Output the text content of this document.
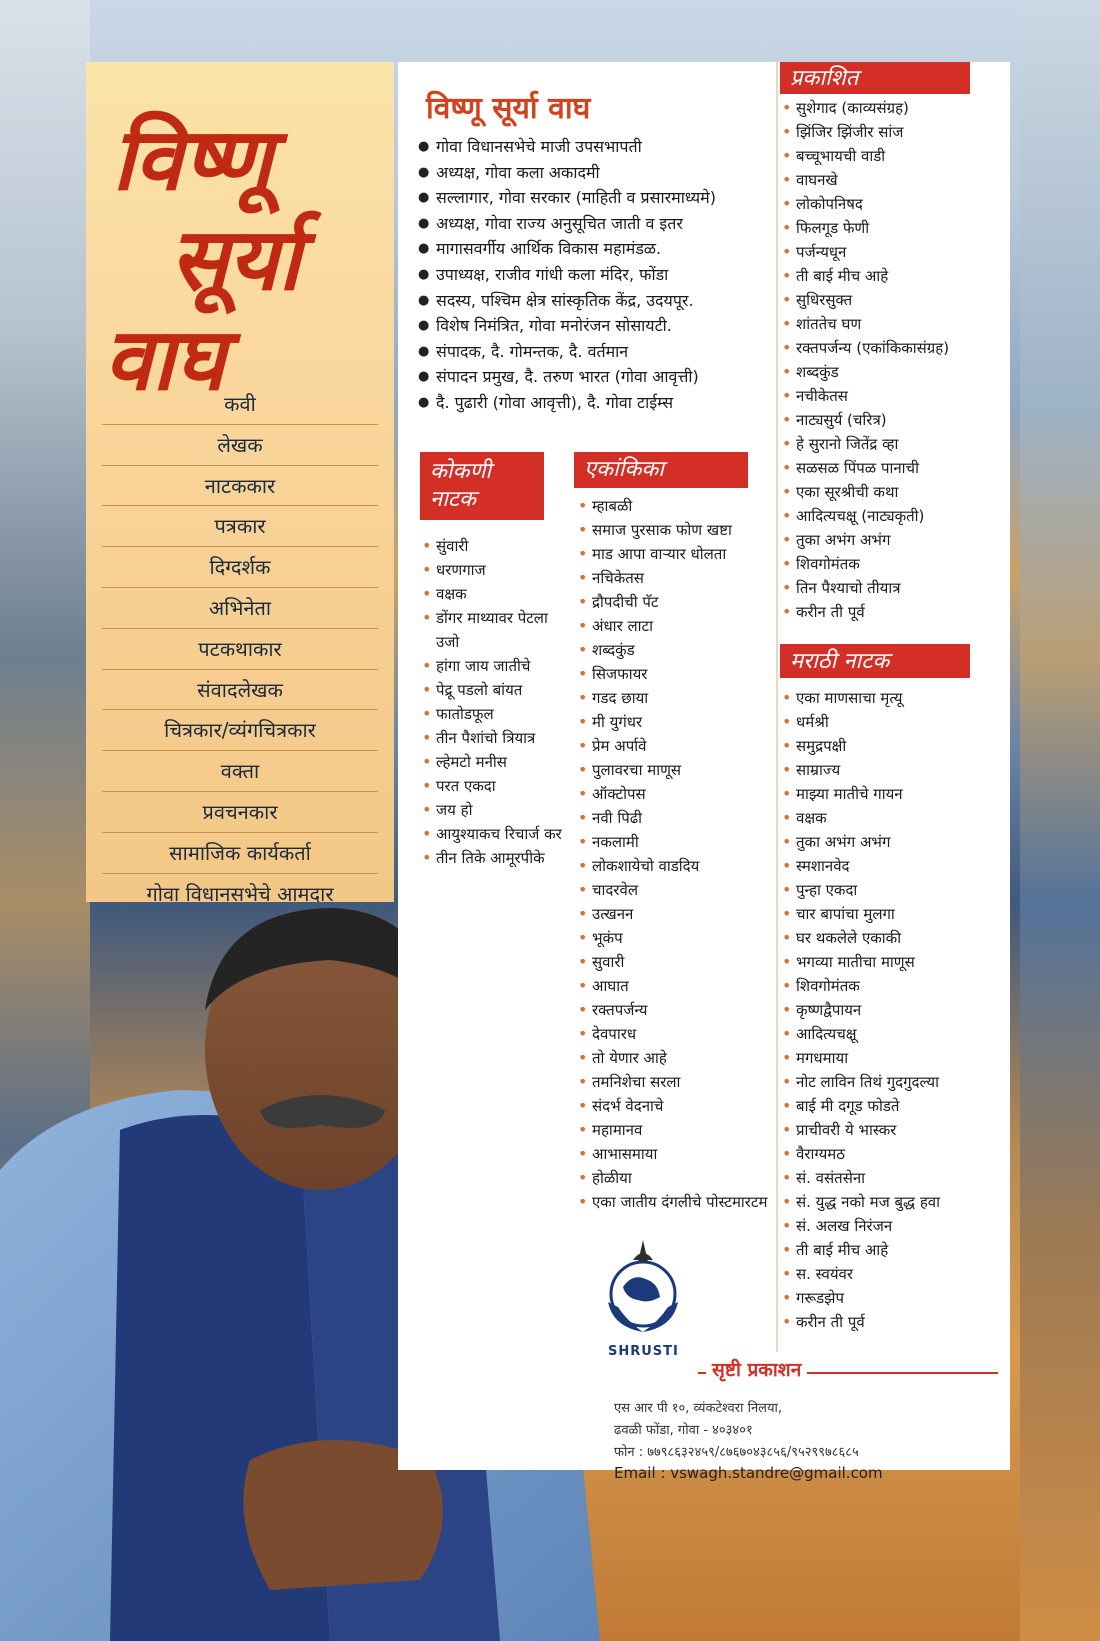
विष्णू
सूर्या
वाघ कवी
लेखक
नाटककार
पत्रकार
दिग्दर्शक
अभिनेता
पटकथाकार
संवादलेखक
चित्रकार/व्यंगचित्रकार
वक्ता
प्रवचनकार
सामाजिक कार्यकर्ता
गोवा विधानसभेचे आमदार
विष्णू सूर्या वाघ
● गोवा विधानसभेचे माजी उपसभापती
● अध्यक्ष, गोवा कला अकादमी
● सल्लागार, गोवा सरकार (माहिती व प्रसारमाध्यमे)
● अध्यक्ष, गोवा राज्य अनुसूचित जाती व इतर
● मागासवर्गीय आर्थिक विकास महामंडळ.
● उपाध्यक्ष, राजीव गांधी कला मंदिर, फोंडा
● सदस्य, पश्चिम क्षेत्र सांस्कृतिक केंद्र, उदयपूर.
● विशेष निमंत्रित, गोवा मनोरंजन सोसायटी.
● संपादक, दै. गोमन्तक, दै. वर्तमान
● संपादन प्रमुख, दै. तरुण भारत (गोवा आवृत्ती)
● दै. पुढारी (गोवा आवृत्ती), दै. गोवा टाईम्स
कोकणी नाटक
एकांकिका
प्रकाशित
मराठी नाटक
• सुंवारी
• धरणगाज
• वक्षक
• डोंगर माथ्यावर पेटला उजो
• हांगा जाय जातीचे
• पेद्रू पडलो बांयत
• फातोडफूल
• तीन पैशांचो त्रियात्र
• ल्हेमटो मनीस
• परत एकदा
• जय हो
• आयुश्याकच रिचार्ज कर
• तीन तिके आमूरपीके
• म्हाबळी
• समाज पुरसाक फोण खष्टा
• माड आपा वाऱ्यार धोलता
• नचिकेतस
• द्रौपदीची पॅट
• अंधार लाटा
• शब्दकुंड
• सिजफायर
• गडद छाया
• मी युगंधर
• प्रेम अर्पावे
• पुलावरचा माणूस
• ऑक्टोपस
• नवी पिढी
• नकलामी
• लोकशायेचो वाडदिय
• चादरवेल
• उत्खनन
• भूकंप
• सुवारी
• आघात
• रक्तपर्जन्य
• देवपारध
• तो येणार आहे
• तमनिशेचा सरला
• संदर्भ वेदनाचे
• महामानव
• आभासमाया
• होळीया
• एका जातीय दंगलीचे पोस्टमारटम
• सुशेगाद (काव्यसंग्रह)
• झिंजिर झिंजीर सांज
• बच्चूभायची वाडी
• वाघनखे
• लोकोपनिषद
• फिलगूड फेणी
• पर्जन्यधून
• ती बाई मीच आहे
• सुधिरसुक्त
• शांततेच घण
• रक्तपर्जन्य (एकांकिकासंग्रह)
• शब्दकुंड
• नचीकेतस
• नाट्यसुर्य (चरित्र)
• हे सुरानो जितेंद्र व्हा
• सळसळ पिंपळ पानाची
• एका सूरश्रीची कथा
• आदित्यचक्षू (नाट्यकृती)
• तुका अभंग अभंग
• शिवगोमंतक
• तिन पैश्याचो तीयात्र
• करीन ती पूर्व
• एका माणसाचा मृत्यू
• धर्मश्री
• समुद्रपक्षी
• साम्राज्य
• माझ्या मातीचे गायन
• वक्षक
• तुका अभंग अभंग
• स्मशानवेद
• पुन्हा एकदा
• चार बापांचा मुलगा
• घर थकलेले एकाकी
• भगव्या मातीचा माणूस
• शिवगोमंतक
• कृष्णद्वैपायन
• आदित्यचक्षू
• मगधमाया
• नोट लाविन तिथं गुदगुदल्या
• बाई मी दगूड फोडते
• प्राचीवरी ये भास्कर
• वैराग्यमठ
• सं. वसंतसेना
• सं. युद्ध नको मज बुद्ध हवा
• सं. अलख निरंजन
• ती बाई मीच आहे
• स. स्वयंवर
• गरूडझेप
• करीन ती पूर्व
SHRUSTI
सृष्टी प्रकाशन
एस आर पी १०, व्यंकटेश्वरा निलया,
ढवळी फोंडा, गोवा - ४०३४०१
फोन : ७७९८६३२४५९/८७६७०४३८५६/९५२९९७८६८५
Email : vswagh.standre@gmail.com
